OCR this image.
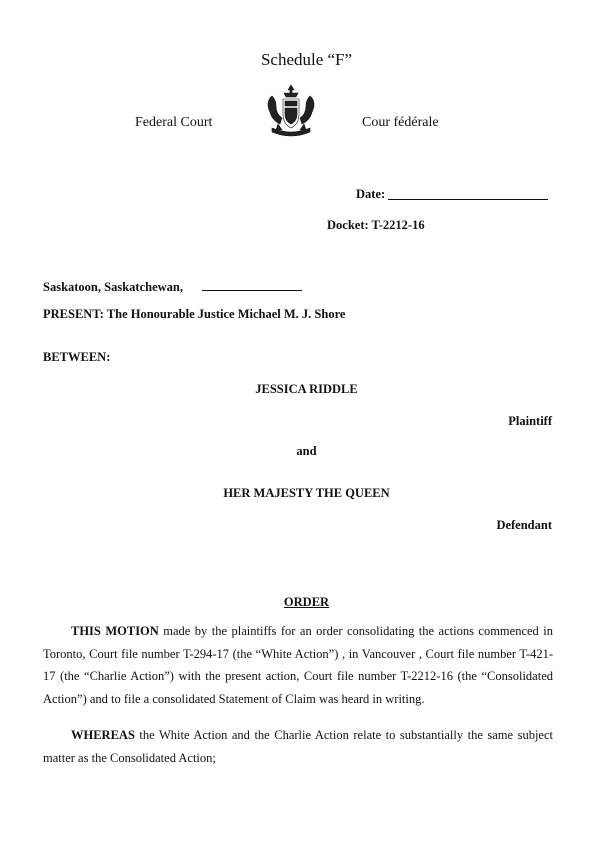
Schedule “F”
Federal Court	Cour fédérale
Date:
Docket: T-2212-16
Saskatoon, Saskatchewan,
PRESENT: The Honourable Justice Michael M. J. Shore
BETWEEN:
JESSICA RIDDLE
Plaintiff
and
HER MAJESTY THE QUEEN
Defendant
ORDER
THIS MOTION made by the plaintiffs for an order consolidating the actions commenced in Toronto, Court file number T-294-17 (the “White Action”) , in Vancouver , Court file number T-421-17 (the “Charlie Action”) with the present action, Court file number T-2212-16 (the “Consolidated Action”) and to file a consolidated Statement of Claim was heard in writing.
WHEREAS the White Action and the Charlie Action relate to substantially the same subject matter as the Consolidated Action;
